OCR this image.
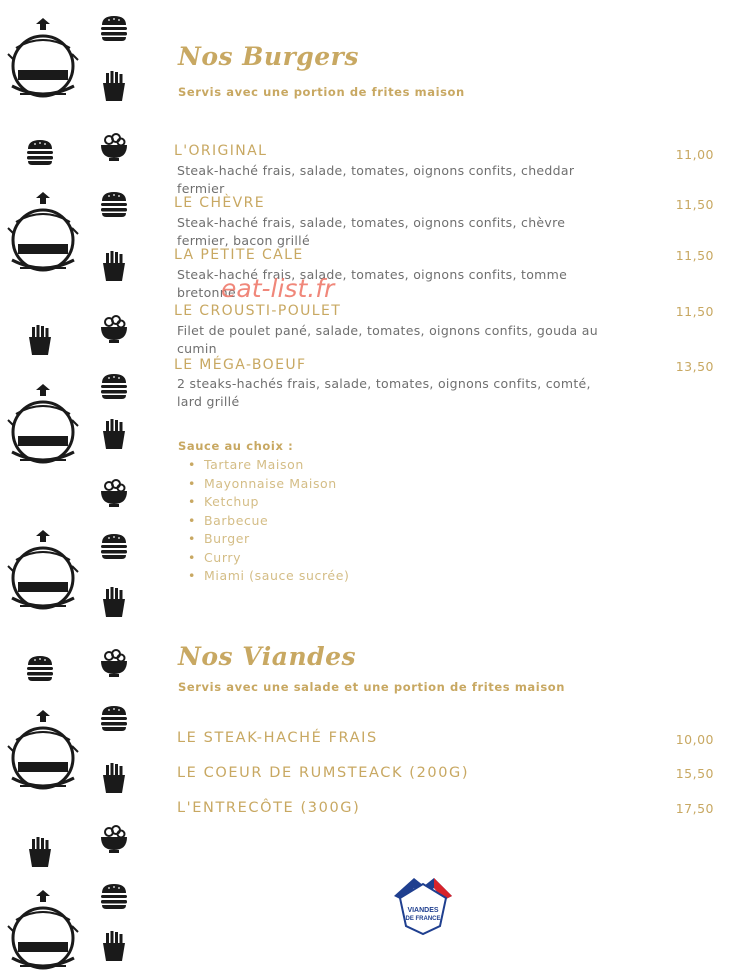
Nos Burgers
Servis avec une portion de frites maison
L'ORIGINAL	11,00
Steak-haché frais, salade, tomates, oignons confits, cheddar fermier
LE CHÈVRE	11,50
Steak-haché frais, salade, tomates, oignons confits, chèvre fermier, bacon grillé
LA PETITE CALE	11,50
Steak-haché frais, salade, tomates, oignons confits, tomme bretonne
LE CROUSTI-POULET	11,50
Filet de poulet pané, salade, tomates, oignons confits, gouda au cumin
LE MÉGA-BOEUF	13,50
2 steaks-hachés frais, salade, tomates, oignons confits, comté, lard grillé
Sauce au choix :
• Tartare Maison
• Mayonnaise Maison
• Ketchup
• Barbecue
• Burger
• Curry
• Miami (sauce sucrée)
Nos Viandes
Servis avec une salade et une portion de frites maison
LE STEAK-HACHÉ FRAIS	10,00
LE COEUR DE RUMSTEACK (200G)	15,50
L'ENTRECÔTE (300G)	17,50
eat-list.fr
VIANDES
DE FRANCE
